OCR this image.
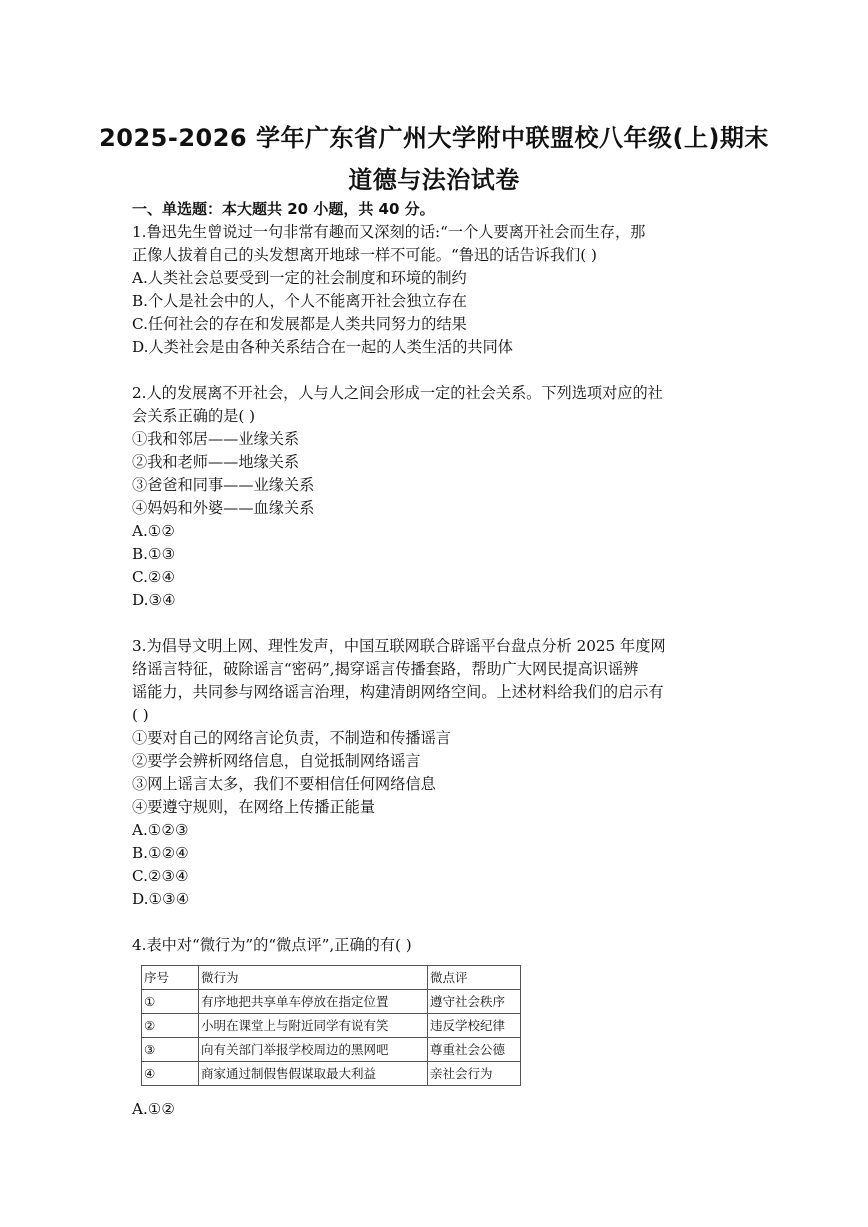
2025-2026 学年广东省广州大学附中联盟校八年级(上)期末
道德与法治试卷
一、单选题：本大题共 20 小题，共 40 分。
1.鲁迅先生曾说过一句非常有趣而又深刻的话:“一个人要离开社会而生存，那
正像人拔着自己的头发想离开地球一样不可能。“鲁迅的话告诉我们( )
A.人类社会总要受到一定的社会制度和环境的制约
B.个人是社会中的人，个人不能离开社会独立存在
C.任何社会的存在和发展都是人类共同努力的结果
D.人类社会是由各种关系结合在一起的人类生活的共同体
2.人的发展离不开社会，人与人之间会形成一定的社会关系。下列选项对应的社
会关系正确的是( )
①我和邻居——业缘关系
②我和老师——地缘关系
③爸爸和同事——业缘关系
④妈妈和外婆——血缘关系
A.①②
B.①③
C.②④
D.③④
3.为倡导文明上网、理性发声，中国互联网联合辟谣平台盘点分析 2025 年度网
络谣言特征，破除谣言“密码”,揭穿谣言传播套路，帮助广大网民提高识谣辨
谣能力，共同参与网络谣言治理，构建清朗网络空间。上述材料给我们的启示有
( )
①要对自己的网络言论负责，不制造和传播谣言
②要学会辨析网络信息，自觉抵制网络谣言
③网上谣言太多，我们不要相信任何网络信息
④要遵守规则，在网络上传播正能量
A.①②③
B.①②④
C.②③④
D.①③④
4.表中对“微行为”的“微点评”,正确的有( )
序号	微行为	微点评
①	有序地把共享单车停放在指定位置	遵守社会秩序
②	小明在课堂上与附近同学有说有笑	违反学校纪律
③	向有关部门举报学校周边的黑网吧	尊重社会公德
④	商家通过制假售假谋取最大利益	亲社会行为
A.①②
